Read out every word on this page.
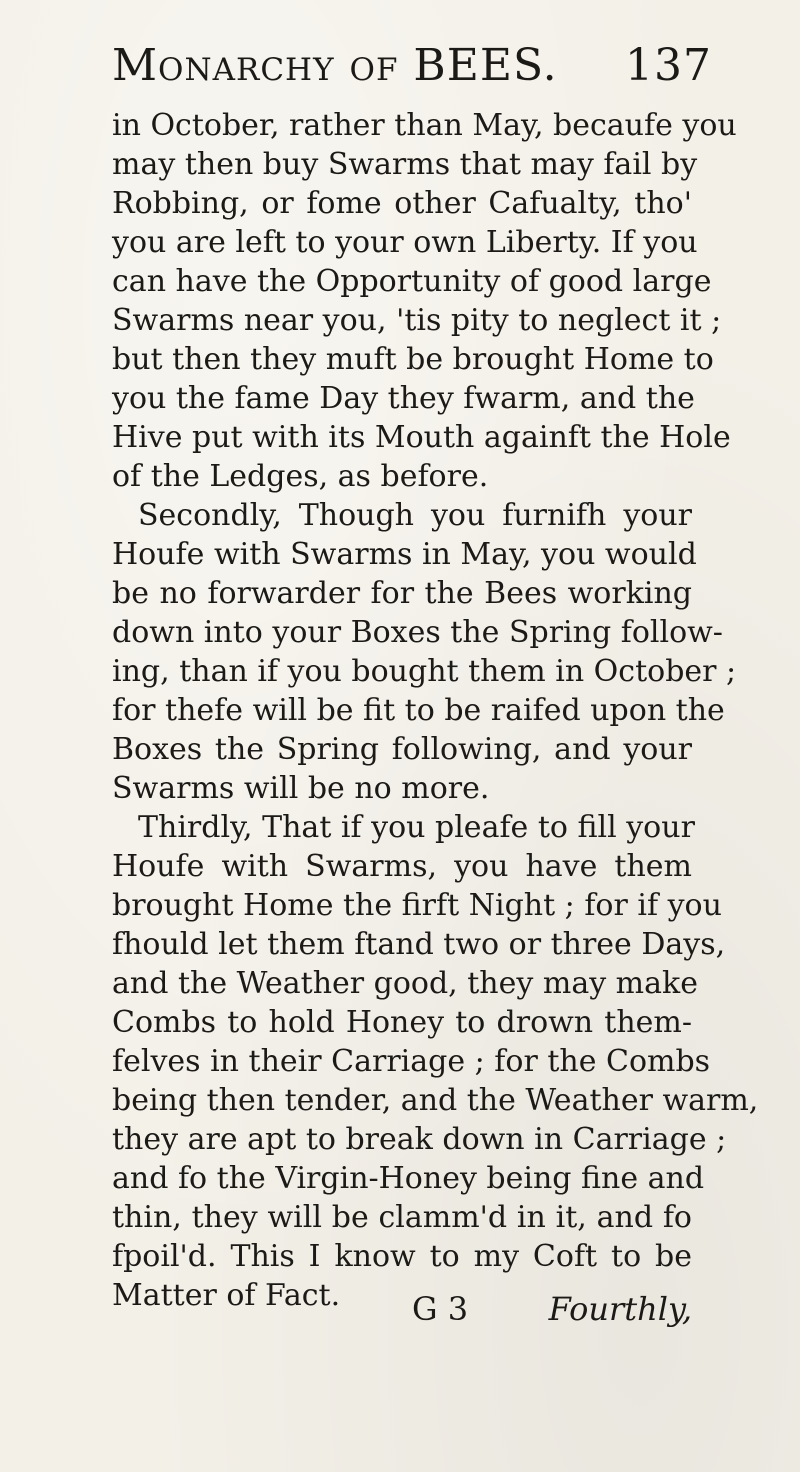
Monarchy of BEES. 137
in October, rather than May, becaufe you
may then buy Swarms that may fail by
Robbing, or fome other Cafualty, tho'
you are left to your own Liberty. If you
can have the Opportunity of good large
Swarms near you, 'tis pity to neglect it ;
but then they muft be brought Home to
you the fame Day they fwarm, and the
Hive put with its Mouth againft the Hole
of the Ledges, as before.
Secondly, Though you furnifh your
Houfe with Swarms in May, you would
be no forwarder for the Bees working
down into your Boxes the Spring follow-
ing, than if you bought them in October ;
for thefe will be fit to be raifed upon the
Boxes the Spring following, and your
Swarms will be no more.
Thirdly, That if you pleafe to fill your
Houfe with Swarms, you have them
brought Home the firft Night ; for if you
fhould let them ftand two or three Days,
and the Weather good, they may make
Combs to hold Honey to drown them-
felves in their Carriage ; for the Combs
being then tender, and the Weather warm,
they are apt to break down in Carriage ;
and fo the Virgin-Honey being fine and
thin, they will be clamm'd in it, and fo
fpoil'd. This I know to my Coft to be
Matter of Fact.	G 3	Fourthly,
